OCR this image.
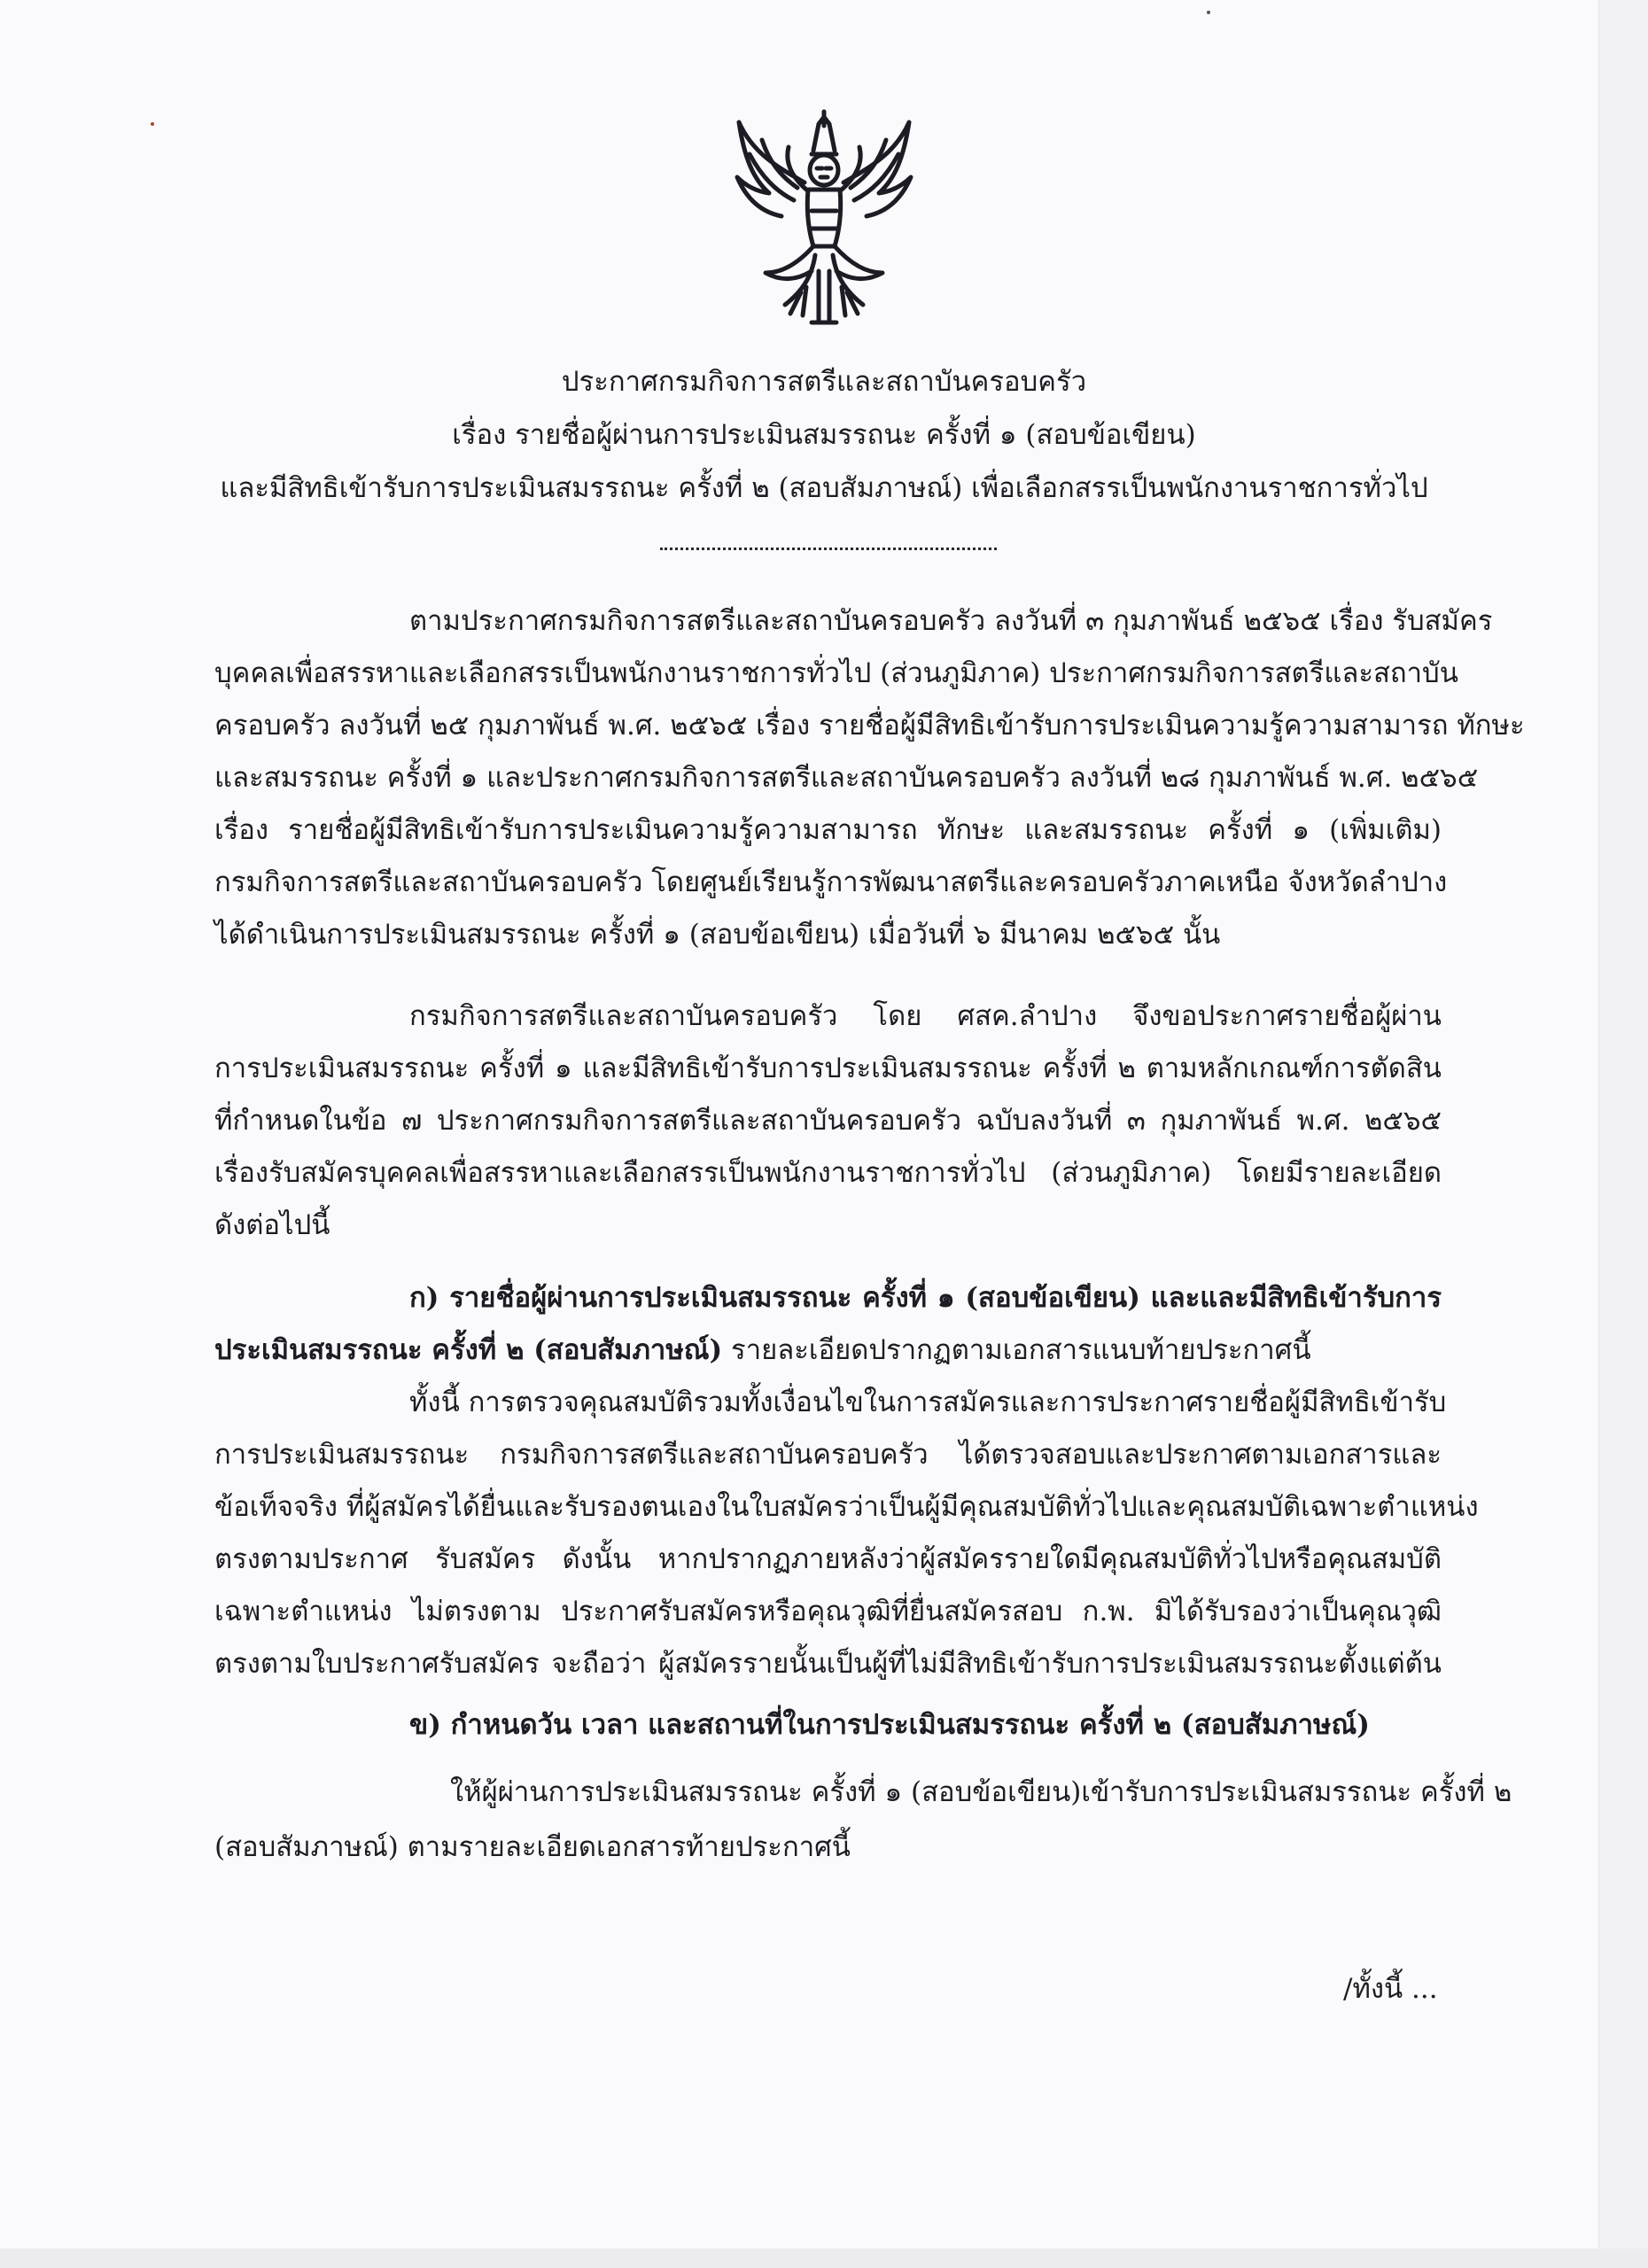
ประกาศกรมกิจการสตรีและสถาบันครอบครัว
เรื่อง รายชื่อผู้ผ่านการประเมินสมรรถนะ ครั้งที่ ๑ (สอบข้อเขียน)
และมีสิทธิเข้ารับการประเมินสมรรถนะ ครั้งที่ ๒ (สอบสัมภาษณ์) เพื่อเลือกสรรเป็นพนักงานราชการทั่วไป
ตามประกาศกรมกิจการสตรีและสถาบันครอบครัว ลงวันที่ ๓ กุมภาพันธ์ ๒๕๖๕ เรื่อง รับสมัคร
บุคคลเพื่อสรรหาและเลือกสรรเป็นพนักงานราชการทั่วไป (ส่วนภูมิภาค) ประกาศกรมกิจการสตรีและสถาบัน
ครอบครัว ลงวันที่ ๒๕ กุมภาพันธ์ พ.ศ. ๒๕๖๕ เรื่อง รายชื่อผู้มีสิทธิเข้ารับการประเมินความรู้ความสามารถ ทักษะ
และสมรรถนะ ครั้งที่ ๑ และประกาศกรมกิจการสตรีและสถาบันครอบครัว ลงวันที่ ๒๘ กุมภาพันธ์ พ.ศ. ๒๕๖๕
เรื่อง รายชื่อผู้มีสิทธิเข้ารับการประเมินความรู้ความสามารถ ทักษะ และสมรรถนะ ครั้งที่ ๑ (เพิ่มเติม)
กรมกิจการสตรีและสถาบันครอบครัว โดยศูนย์เรียนรู้การพัฒนาสตรีและครอบครัวภาคเหนือ จังหวัดลำปาง
ได้ดำเนินการประเมินสมรรถนะ ครั้งที่ ๑ (สอบข้อเขียน) เมื่อวันที่ ๖ มีนาคม ๒๕๖๕ นั้น
กรมกิจการสตรีและสถาบันครอบครัว โดย ศสค.ลำปาง จึงขอประกาศรายชื่อผู้ผ่าน
การประเมินสมรรถนะ ครั้งที่ ๑ และมีสิทธิเข้ารับการประเมินสมรรถนะ ครั้งที่ ๒ ตามหลักเกณฑ์การตัดสิน
ที่กำหนดในข้อ ๗ ประกาศกรมกิจการสตรีและสถาบันครอบครัว ฉบับลงวันที่ ๓ กุมภาพันธ์ พ.ศ. ๒๕๖๕
เรื่องรับสมัครบุคคลเพื่อสรรหาและเลือกสรรเป็นพนักงานราชการทั่วไป (ส่วนภูมิภาค) โดยมีรายละเอียด
ดังต่อไปนี้
ก) รายชื่อผู้ผ่านการประเมินสมรรถนะ ครั้งที่ ๑ (สอบข้อเขียน) และและมีสิทธิเข้ารับการ
ประเมินสมรรถนะ ครั้งที่ ๒ (สอบสัมภาษณ์) รายละเอียดปรากฏตามเอกสารแนบท้ายประกาศนี้
ทั้งนี้ การตรวจคุณสมบัติรวมทั้งเงื่อนไขในการสมัครและการประกาศรายชื่อผู้มีสิทธิเข้ารับ
การประเมินสมรรถนะ กรมกิจการสตรีและสถาบันครอบครัว ได้ตรวจสอบและประกาศตามเอกสารและ
ข้อเท็จจริง ที่ผู้สมัครได้ยื่นและรับรองตนเองในใบสมัครว่าเป็นผู้มีคุณสมบัติทั่วไปและคุณสมบัติเฉพาะตำแหน่ง
ตรงตามประกาศ รับสมัคร ดังนั้น หากปรากฏภายหลังว่าผู้สมัครรายใดมีคุณสมบัติทั่วไปหรือคุณสมบัติ
เฉพาะตำแหน่ง ไม่ตรงตาม ประกาศรับสมัครหรือคุณวุฒิที่ยื่นสมัครสอบ ก.พ. มิได้รับรองว่าเป็นคุณวุฒิ
ตรงตามใบประกาศรับสมัคร จะถือว่า ผู้สมัครรายนั้นเป็นผู้ที่ไม่มีสิทธิเข้ารับการประเมินสมรรถนะตั้งแต่ต้น
ข) กำหนดวัน เวลา และสถานที่ในการประเมินสมรรถนะ ครั้งที่ ๒ (สอบสัมภาษณ์)
ให้ผู้ผ่านการประเมินสมรรถนะ ครั้งที่ ๑ (สอบข้อเขียน)เข้ารับการประเมินสมรรถนะ ครั้งที่ ๒
(สอบสัมภาษณ์) ตามรายละเอียดเอกสารท้ายประกาศนี้
/ทั้งนี้ ...
